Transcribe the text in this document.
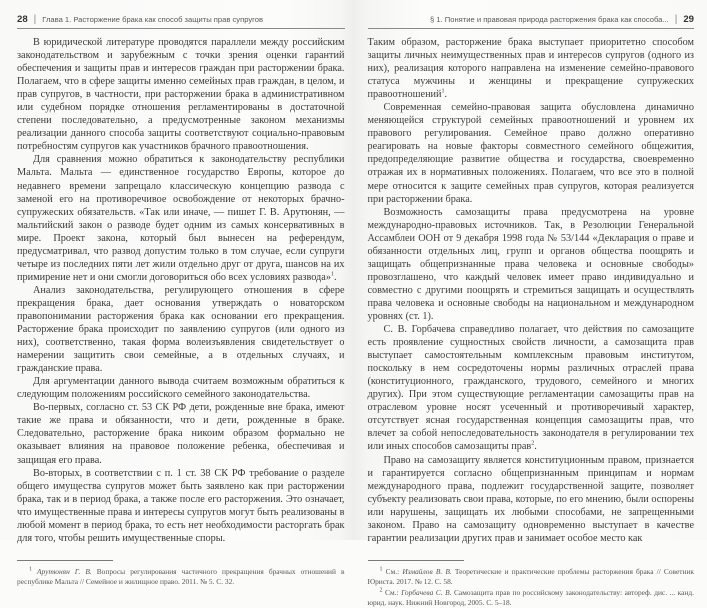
28 | Глава 1. Расторжение брака как способ защиты прав супругов

В юридической литературе проводятся параллели между российским законодательством и зарубежным с точки зрения оценки гарантий обеспечения и защиты прав и интересов граждан при расторжении брака. Полагаем, что в сфере защиты именно семейных прав граждан, в целом, и прав супругов, в частности, при расторжении брака в административном или судебном порядке отношения регламентированы в достаточной степени последовательно, а предусмотренные законом механизмы реализации данного способа защиты соответствуют социально-правовым потребностям супругов как участников брачного правоотношения.

Для сравнения можно обратиться к законодательству республики Мальта. Мальта — единственное государство Европы, которое до недавнего времени запрещало классическую концепцию развода с заменой его на противоречивое освобождение от некоторых брачно-супружеских обязательств. «Так или иначе, — пишет Г. В. Арутюнян, — мальтийский закон о разводе будет одним из самых консервативных в мире. Проект закона, который был вынесен на референдум, предусматривал, что развод допустим только в том случае, если супруги четыре из последних пяти лет жили отдельно друг от друга, шансов на их примирение нет и они смогли договориться обо всех условиях развода»$^1$.

Анализ законодательства, регулирующего отношения в сфере прекращения брака, дает основания утверждать о новаторском правопонимании расторжения брака как основании его прекращения. Расторжение брака происходит по заявлению супругов (или одного из них), соответственно, такая форма волеизъявления свидетельствует о намерении защитить свои семейные, а в отдельных случаях, и гражданские права.

Для аргументации данного вывода считаем возможным обратиться к следующим положениям российского семейного законодательства.

Во-первых, согласно ст. 53 СК РФ дети, рожденные вне брака, имеют такие же права и обязанности, что и дети, рожденные в браке. Следовательно, расторжение брака никоим образом формально не оказывает влияния на правовое положение ребенка, обеспечивая и защищая его права.

Во-вторых, в соответствии с п. 1 ст. 38 СК РФ требование о разделе общего имущества супругов может быть заявлено как при расторжении брака, так и в период брака, а также после его расторжения. Это означает, что имущественные права и интересы супругов могут быть реализованы в любой момент в период брака, то есть нет необходимости расторгать брак для того, чтобы решить имущественные споры.

$^1$ Арутюнян Г. В. Вопросы регулирования частичного прекращения брачных отношений в республике Мальта // Семейное и жилищное право. 2011. № 5. С. 32.

§ 1. Понятие и правовая природа расторжения брака как способа... | 29

Таким образом, расторжение брака выступает приоритетно способом защиты личных неимущественных прав и интересов супругов (одного из них), реализация которого направлена на изменение семейно-правового статуса мужчины и женщины и прекращение супружеских правоотношений$^1$.

Современная семейно-правовая защита обусловлена динамично меняющейся структурой семейных правоотношений и уровнем их правового регулирования. Семейное право должно оперативно реагировать на новые факторы совместного семейного общежития, предопределяющие развитие общества и государства, своевременно отражая их в нормативных положениях. Полагаем, что все это в полной мере относится к защите семейных прав супругов, которая реализуется при расторжении брака.

Возможность самозащиты права предусмотрена на уровне международно-правовых источников. Так, в Резолюции Генеральной Ассамблеи ООН от 9 декабря 1998 года № 53/144 «Декларация о праве и обязанности отдельных лиц, групп и органов общества поощрять и защищать общепризнанные права человека и основные свободы» провозглашено, что каждый человек имеет право индивидуально и совместно с другими поощрять и стремиться защищать и осуществлять права человека и основные свободы на национальном и международном уровнях (ст. 1).

С. В. Горбачева справедливо полагает, что действия по самозащите есть проявление сущностных свойств личности, а самозащита прав выступает самостоятельным комплексным правовым институтом, поскольку в нем сосредоточены нормы различных отраслей права (конституционного, гражданского, трудового, семейного и многих других). При этом существующие регламентации самозащиты прав на отраслевом уровне носят усеченный и противоречивый характер, отсутствует ясная государственная концепция самозащиты прав, что влечет за собой непоследовательность законодателя в регулировании тех или иных способов самозащиты прав$^2$.

Право на самозащиту является конституционным правом, признается и гарантируется согласно общепризнанным принципам и нормам международного права, подлежит государственной защите, позволяет субъекту реализовать свои права, которые, по его мнению, были оспорены или нарушены, защищать их любыми способами, не запрещенными законом. Право на самозащиту одновременно выступает в качестве гарантии реализации других прав и занимает особое место как

$^1$ См.: Измайлов В. В. Теоретические и практические проблемы расторжения брака // Советник Юриста. 2017. № 12. С. 58.

$^2$ См.: Горбачева С. В. Самозащита прав по российскому законодательству: автореф. дис. ... канд. юрид. наук. Нижний Новгород, 2005. С. 5–18.
